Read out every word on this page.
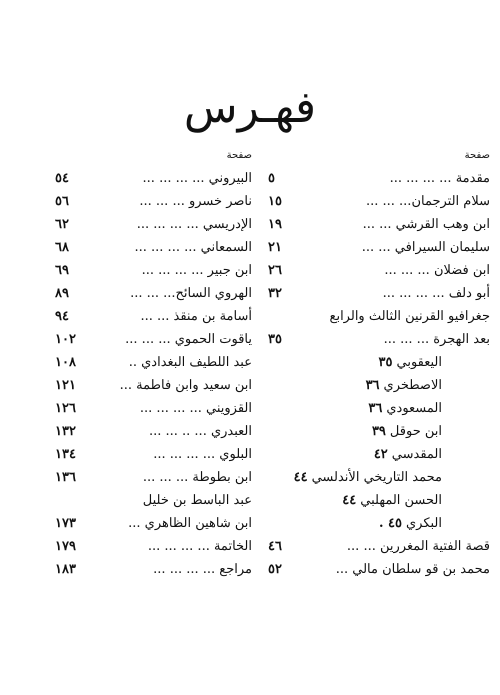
فهـرس
صفحة
مقدمة ... ... ... ...
٥
سلام الترجمان... ... ...
١٥
ابن وهب القرشي ... ...
١٩
سليمان السيرافي ... ...
٢١
ابن فضلان ... ... ...
٢٦
أبو دلف ... ... ... ...
٣٢
جغرافيو القرنين الثالث والرابع
بعد الهجرة ... ... ...
٣٥
اليعقوبي
٣٥
الاصطخري
٣٦
المسعودي
٣٦
ابن حوقل
٣٩
المقدسي
٤٢
محمد التاريخي الأندلسي
٤٤
الحسن المهلبي
٤٤
البكري
٤٥ .
قصة الفتية المغررين ... ...
٤٦
محمد بن قو سلطان مالي ...
٥٢
صفحة
البيروني ... ... ... ...
٥٤
ناصر خسرو ... ... ...
٥٦
الإدريسي ... ... ... ...
٦٢
السمعاني ... ... ... ...
٦٨
ابن جبير ... ... ... ...
٦٩
الهروي السائح... ... ...
٨٩
أسامة بن منقذ ... ...
٩٤
ياقوت الحموي ... ... ...
١٠٢
عبد اللطيف البغدادي ..
١٠٨
ابن سعيد وابن فاطمة ...
١٢١
القزويني ... ... ... ...
١٢٦
العبدري ... .. ... ...
١٣٢
البلوي ... ... ... ...
١٣٤
ابن بطوطة ... ... ...
١٣٦
عبد الباسط بن خليل
ابن شاهين الظاهري ...
١٧٣
الخاتمة ... ... ... ...
١٧٩
مراجع ... ... ... ...
١٨٣
